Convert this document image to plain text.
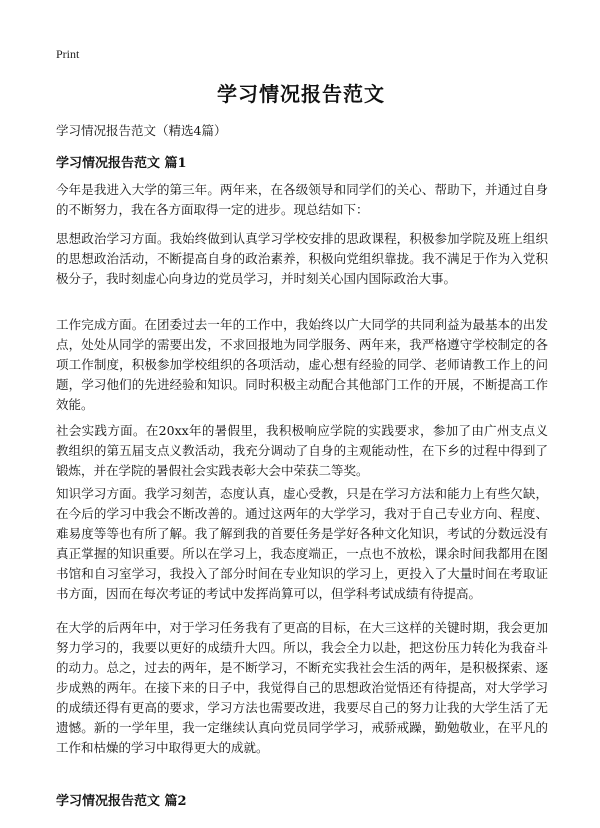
Print
学习情况报告范文
学习情况报告范文（精选4篇）
学习情况报告范文 篇1
今年是我进入大学的第三年。两年来，在各级领导和同学们的关心、帮助下，并通过自身的不断努力，我在各方面取得一定的进步。现总结如下：
思想政治学习方面。我始终做到认真学习学校安排的思政课程，积极参加学院及班上组织的思想政治活动，不断提高自身的政治素养，积极向党组织靠拢。我不满足于作为入党积极分子，我时刻虚心向身边的党员学习，并时刻关心国内国际政治大事。
工作完成方面。在团委过去一年的工作中，我始终以广大同学的共同利益为最基本的出发点，处处从同学的需要出发，不求回报地为同学服务、两年来，我严格遵守学校制定的各项工作制度，积极参加学校组织的各项活动，虚心想有经验的同学、老师请教工作上的问题，学习他们的先进经验和知识。同时积极主动配合其他部门工作的开展，不断提高工作效能。
社会实践方面。在20xx年的暑假里，我积极响应学院的实践要求，参加了由广州支点义教组织的第五届支点义教活动，我充分调动了自身的主观能动性，在下乡的过程中得到了锻炼，并在学院的暑假社会实践表彰大会中荣获二等奖。
知识学习方面。我学习刻苦，态度认真，虚心受教，只是在学习方法和能力上有些欠缺，在今后的学习中我会不断改善的。通过这两年的大学学习，我对于自己专业方向、程度、难易度等等也有所了解。我了解到我的首要任务是学好各种文化知识，考试的分数远没有真正掌握的知识重要。所以在学习上，我态度端正，一点也不放松，课余时间我都用在图书馆和自习室学习，我投入了部分时间在专业知识的学习上，更投入了大量时间在考取证书方面，因而在每次考证的考试中发挥尚算可以，但学科考试成绩有待提高。
在大学的后两年中，对于学习任务我有了更高的目标，在大三这样的关键时期，我会更加努力学习的，我要以更好的成绩升大四。所以，我会全力以赴，把这份压力转化为我奋斗的动力。总之，过去的两年，是不断学习，不断充实我社会生活的两年，是积极探索、逐步成熟的两年。在接下来的日子中，我觉得自己的思想政治觉悟还有待提高，对大学学习的成绩还得有更高的要求，学习方法也需要改进，我要尽自己的努力让我的大学生活了无遗憾。新的一学年里，我一定继续认真向党员同学学习，戒骄戒躁，勤勉敬业，在平凡的工作和枯燥的学习中取得更大的成就。
学习情况报告范文 篇2
